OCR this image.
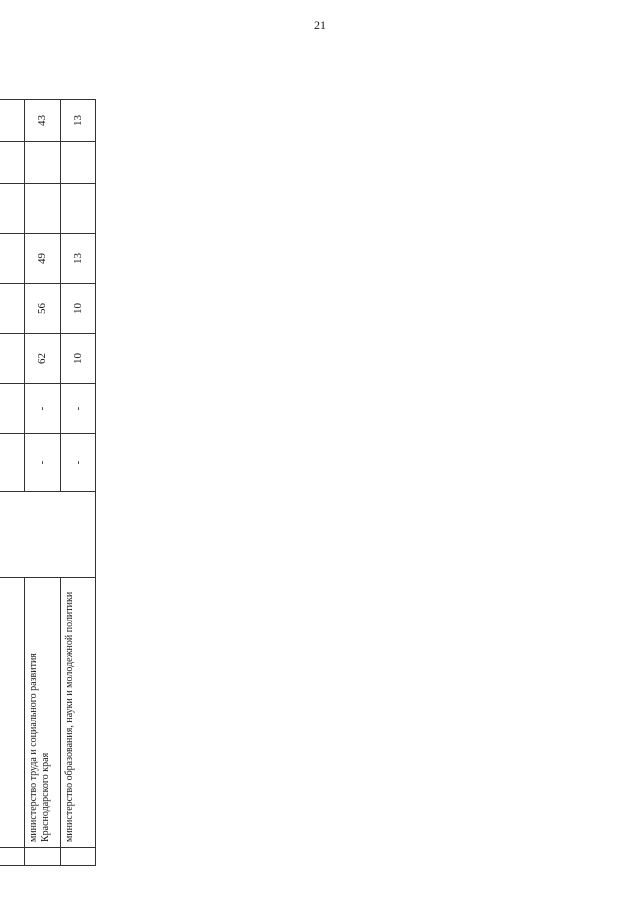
21

	министерство труда и социального развития Краснодарского края		-	-	62	56	49			43
	министерство образования, науки и молодежной политики		-	-	10	10	13			13
